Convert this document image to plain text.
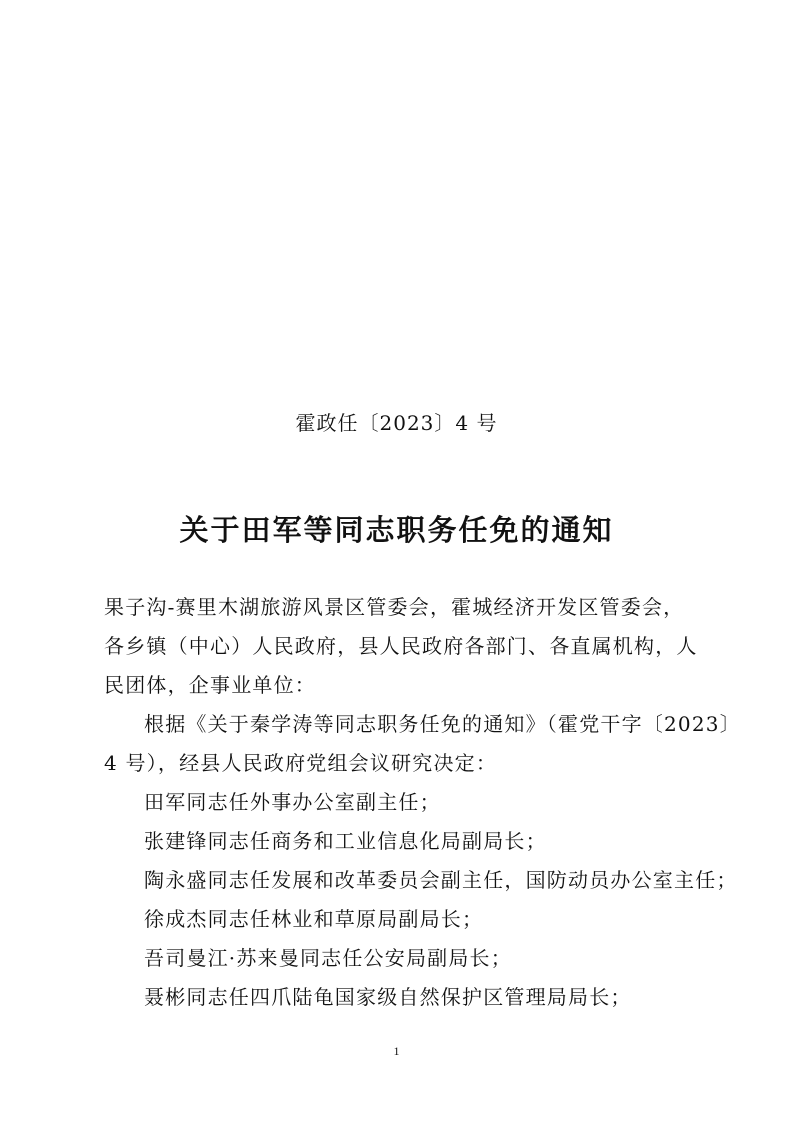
霍政任〔2023〕4 号
关于田军等同志职务任免的通知
果子沟-赛里木湖旅游风景区管委会，霍城经济开发区管委会，
各乡镇（中心）人民政府，县人民政府各部门、各直属机构，人
民团体，企事业单位：
根据《关于秦学涛等同志职务任免的通知》（霍党干字〔2023〕
4 号），经县人民政府党组会议研究决定：
田军同志任外事办公室副主任；
张建锋同志任商务和工业信息化局副局长；
陶永盛同志任发展和改革委员会副主任，国防动员办公室主任；
徐成杰同志任林业和草原局副局长；
吾司曼江·苏来曼同志任公安局副局长；
聂彬同志任四爪陆龟国家级自然保护区管理局局长；
1
